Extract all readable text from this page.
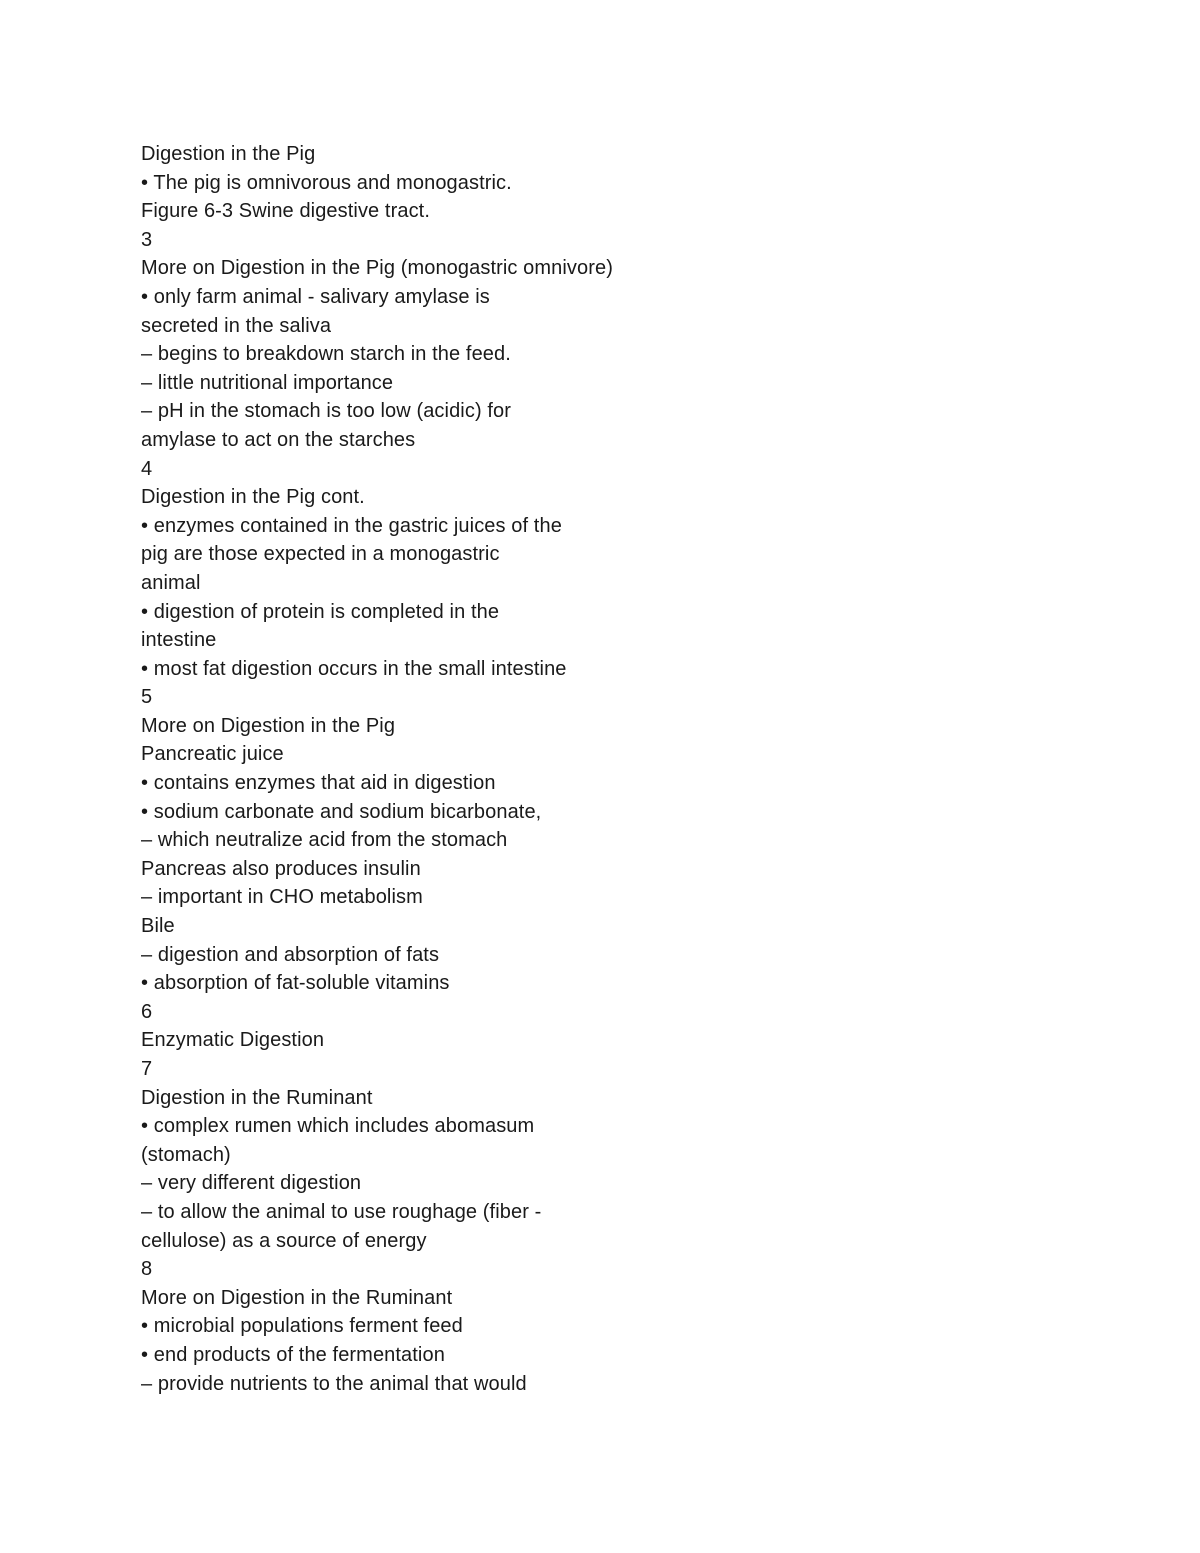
Digestion in the Pig
• The pig is omnivorous and monogastric.
Figure 6-3 Swine digestive tract.
3
More on Digestion in the Pig (monogastric omnivore)
• only farm animal - salivary amylase is
secreted in the saliva
– begins to breakdown starch in the feed.
– little nutritional importance
– pH in the stomach is too low (acidic) for
amylase to act on the starches
4
Digestion in the Pig cont.
• enzymes contained in the gastric juices of the
pig are those expected in a monogastric
animal
• digestion of protein is completed in the
intestine
• most fat digestion occurs in the small intestine
5
More on Digestion in the Pig
Pancreatic juice
• contains enzymes that aid in digestion
• sodium carbonate and sodium bicarbonate,
– which neutralize acid from the stomach
Pancreas also produces insulin
– important in CHO metabolism
Bile
– digestion and absorption of fats
• absorption of fat-soluble vitamins
6
Enzymatic Digestion
7
Digestion in the Ruminant
• complex rumen which includes abomasum
(stomach)
– very different digestion
– to allow the animal to use roughage (fiber -
cellulose) as a source of energy
8
More on Digestion in the Ruminant
• microbial populations ferment feed
• end products of the fermentation
– provide nutrients to the animal that would
